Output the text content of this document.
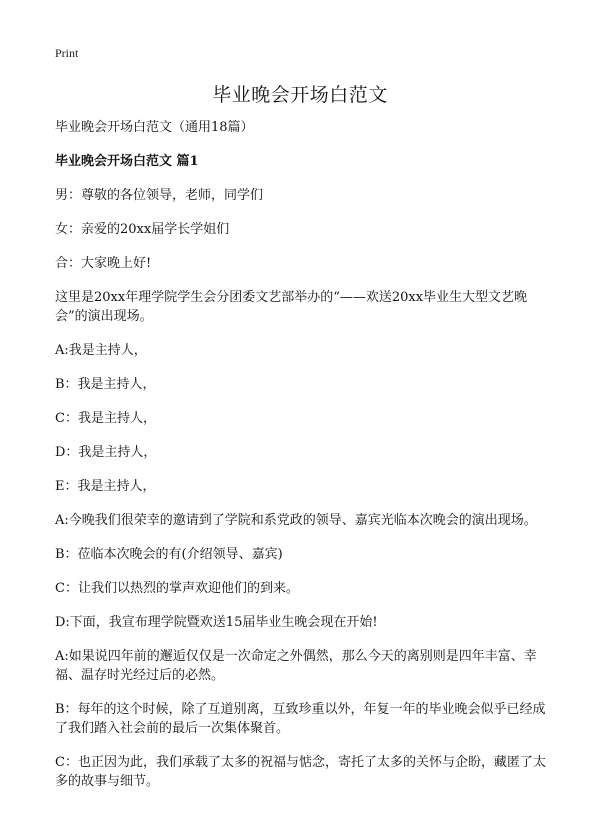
Print
毕业晚会开场白范文

毕业晚会开场白范文（通用18篇）

毕业晚会开场白范文 篇1

男：尊敬的各位领导，老师，同学们

女：亲爱的20xx届学长学姐们

合：大家晚上好!

这里是20xx年理学院学生会分团委文艺部举办的“——欢送20xx毕业生大型文艺晚会”的演出现场。

A:我是主持人，

B：我是主持人，

C：我是主持人，

D：我是主持人，

E：我是主持人，

A:今晚我们很荣幸的邀请到了学院和系党政的领导、嘉宾光临本次晚会的演出现场。

B：莅临本次晚会的有(介绍领导、嘉宾)

C：让我们以热烈的掌声欢迎他们的到来。

D:下面，我宣布理学院暨欢送15届毕业生晚会现在开始!

A:如果说四年前的邂逅仅仅是一次命定之外偶然，那么今天的离别则是四年丰富、幸福、温存时光经过后的必然。

B：每年的这个时候，除了互道别离，互致珍重以外，年复一年的毕业晚会似乎已经成了我们踏入社会前的最后一次集体聚首。

C：也正因为此，我们承载了太多的祝福与惦念，寄托了太多的关怀与企盼，藏匿了太多的故事与细节。
